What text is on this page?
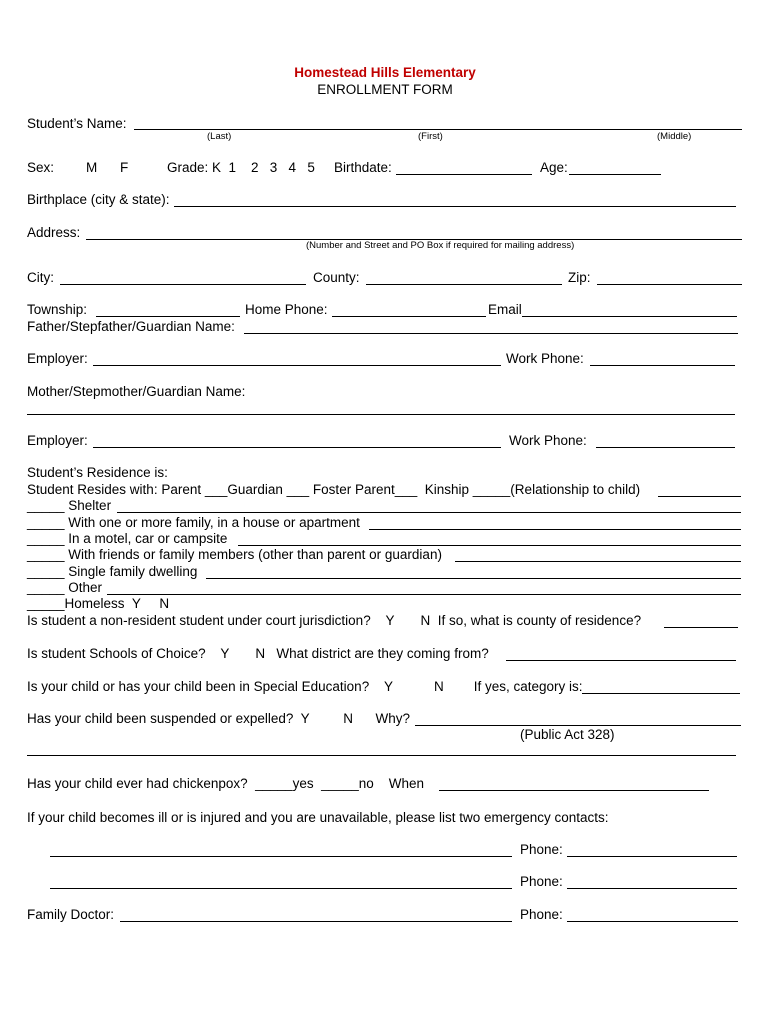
Homestead Hills Elementary
ENROLLMENT FORM
Student’s Name:
(Last)	(First)	(Middle)
Sex: M F	Grade: K  1    2   3   4   5 Birthdate:	Age:
Birthplace (city & state):
Address:
(Number and Street and PO Box if required for mailing address)
City:	County:	Zip:
Township:	Home Phone:	Email
Father/Stepfather/Guardian Name:
Employer:	Work Phone:
Mother/Stepmother/Guardian Name:
Employer:	Work Phone:
Student’s Residence is:
Student Resides with: Parent ___Guardian ___ Foster Parent___  Kinship _____(Relationship to child)
_____ Shelter
_____ With one or more family, in a house or apartment
_____ In a motel, car or campsite
_____ With friends or family members (other than parent or guardian)
_____ Single family dwelling
_____ Other
_____Homeless  Y     N
Is student a non-resident student under court jurisdiction?    Y       N  If so, what is county of residence?
Is student Schools of Choice?    Y       N   What district are they coming from?
Is your child or has your child been in Special Education?    Y           N        If yes, category is:
Has your child been suspended or expelled?  Y         N      Why?
(Public Act 328)
Has your child ever had chickenpox?  _____yes  _____no    When
If your child becomes ill or is injured and you are unavailable, please list two emergency contacts:
Phone:
Phone:
Family Doctor:	Phone:
